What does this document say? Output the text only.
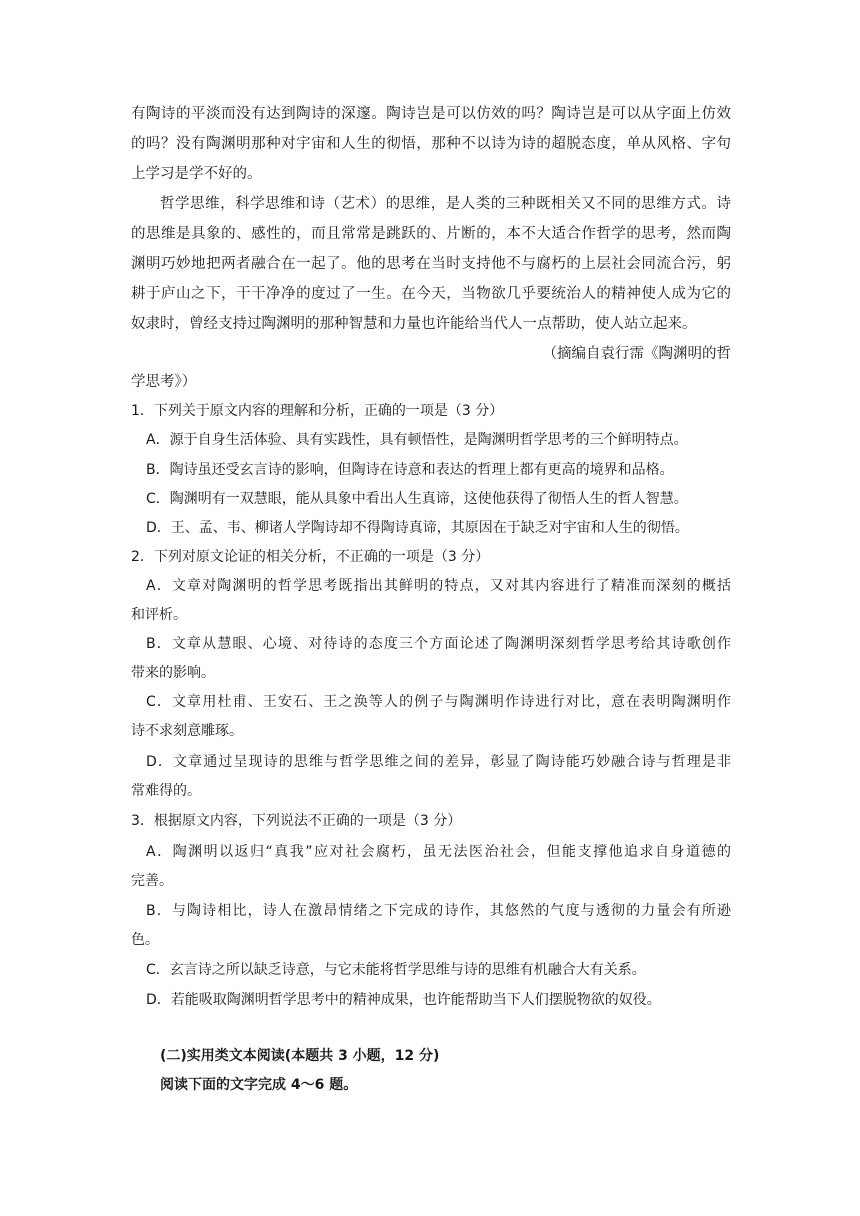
有陶诗的平淡而没有达到陶诗的深邃。陶诗岂是可以仿效的吗？陶诗岂是可以从字面上仿效
的吗？没有陶渊明那种对宇宙和人生的彻悟，那种不以诗为诗的超脱态度，单从风格、字句
上学习是学不好的。
哲学思维，科学思维和诗（艺术）的思维，是人类的三种既相关又不同的思维方式。诗
的思维是具象的、感性的，而且常常是跳跃的、片断的，本不大适合作哲学的思考，然而陶
渊明巧妙地把两者融合在一起了。他的思考在当时支持他不与腐朽的上层社会同流合污，躬
耕于庐山之下，干干净净的度过了一生。在今天，当物欲几乎要统治人的精神使人成为它的
奴隶时，曾经支持过陶渊明的那种智慧和力量也许能给当代人一点帮助，使人站立起来。
（摘编自袁行霈《陶渊明的哲
学思考》）
1．下列关于原文内容的理解和分析，正确的一项是（3 分）
A．源于自身生活体验、具有实践性，具有顿悟性，是陶渊明哲学思考的三个鲜明特点。
B．陶诗虽还受玄言诗的影响，但陶诗在诗意和表达的哲理上都有更高的境界和品格。
C．陶渊明有一双慧眼，能从具象中看出人生真谛，这使他获得了彻悟人生的哲人智慧。
D．王、孟、韦、柳诸人学陶诗却不得陶诗真谛，其原因在于缺乏对宇宙和人生的彻悟。
2．下列对原文论证的相关分析，不正确的一项是（3 分）
A．文章对陶渊明的哲学思考既指出其鲜明的特点，又对其内容进行了精准而深刻的概括
和评析。
B．文章从慧眼、心境、对待诗的态度三个方面论述了陶渊明深刻哲学思考给其诗歌创作
带来的影响。
C．文章用杜甫、王安石、王之涣等人的例子与陶渊明作诗进行对比，意在表明陶渊明作
诗不求刻意雕琢。
D．文章通过呈现诗的思维与哲学思维之间的差异，彰显了陶诗能巧妙融合诗与哲理是非
常难得的。
3．根据原文内容，下列说法不正确的一项是（3 分）
A．陶渊明以返归“真我”应对社会腐朽，虽无法医治社会，但能支撑他追求自身道德的
完善。
B．与陶诗相比，诗人在激昂情绪之下完成的诗作，其悠然的气度与透彻的力量会有所逊
色。
C．玄言诗之所以缺乏诗意，与它未能将哲学思维与诗的思维有机融合大有关系。
D．若能吸取陶渊明哲学思考中的精神成果，也许能帮助当下人们摆脱物欲的奴役。
(二)实用类文本阅读(本题共 3 小题，12 分)
阅读下面的文字完成 4～6 题。
